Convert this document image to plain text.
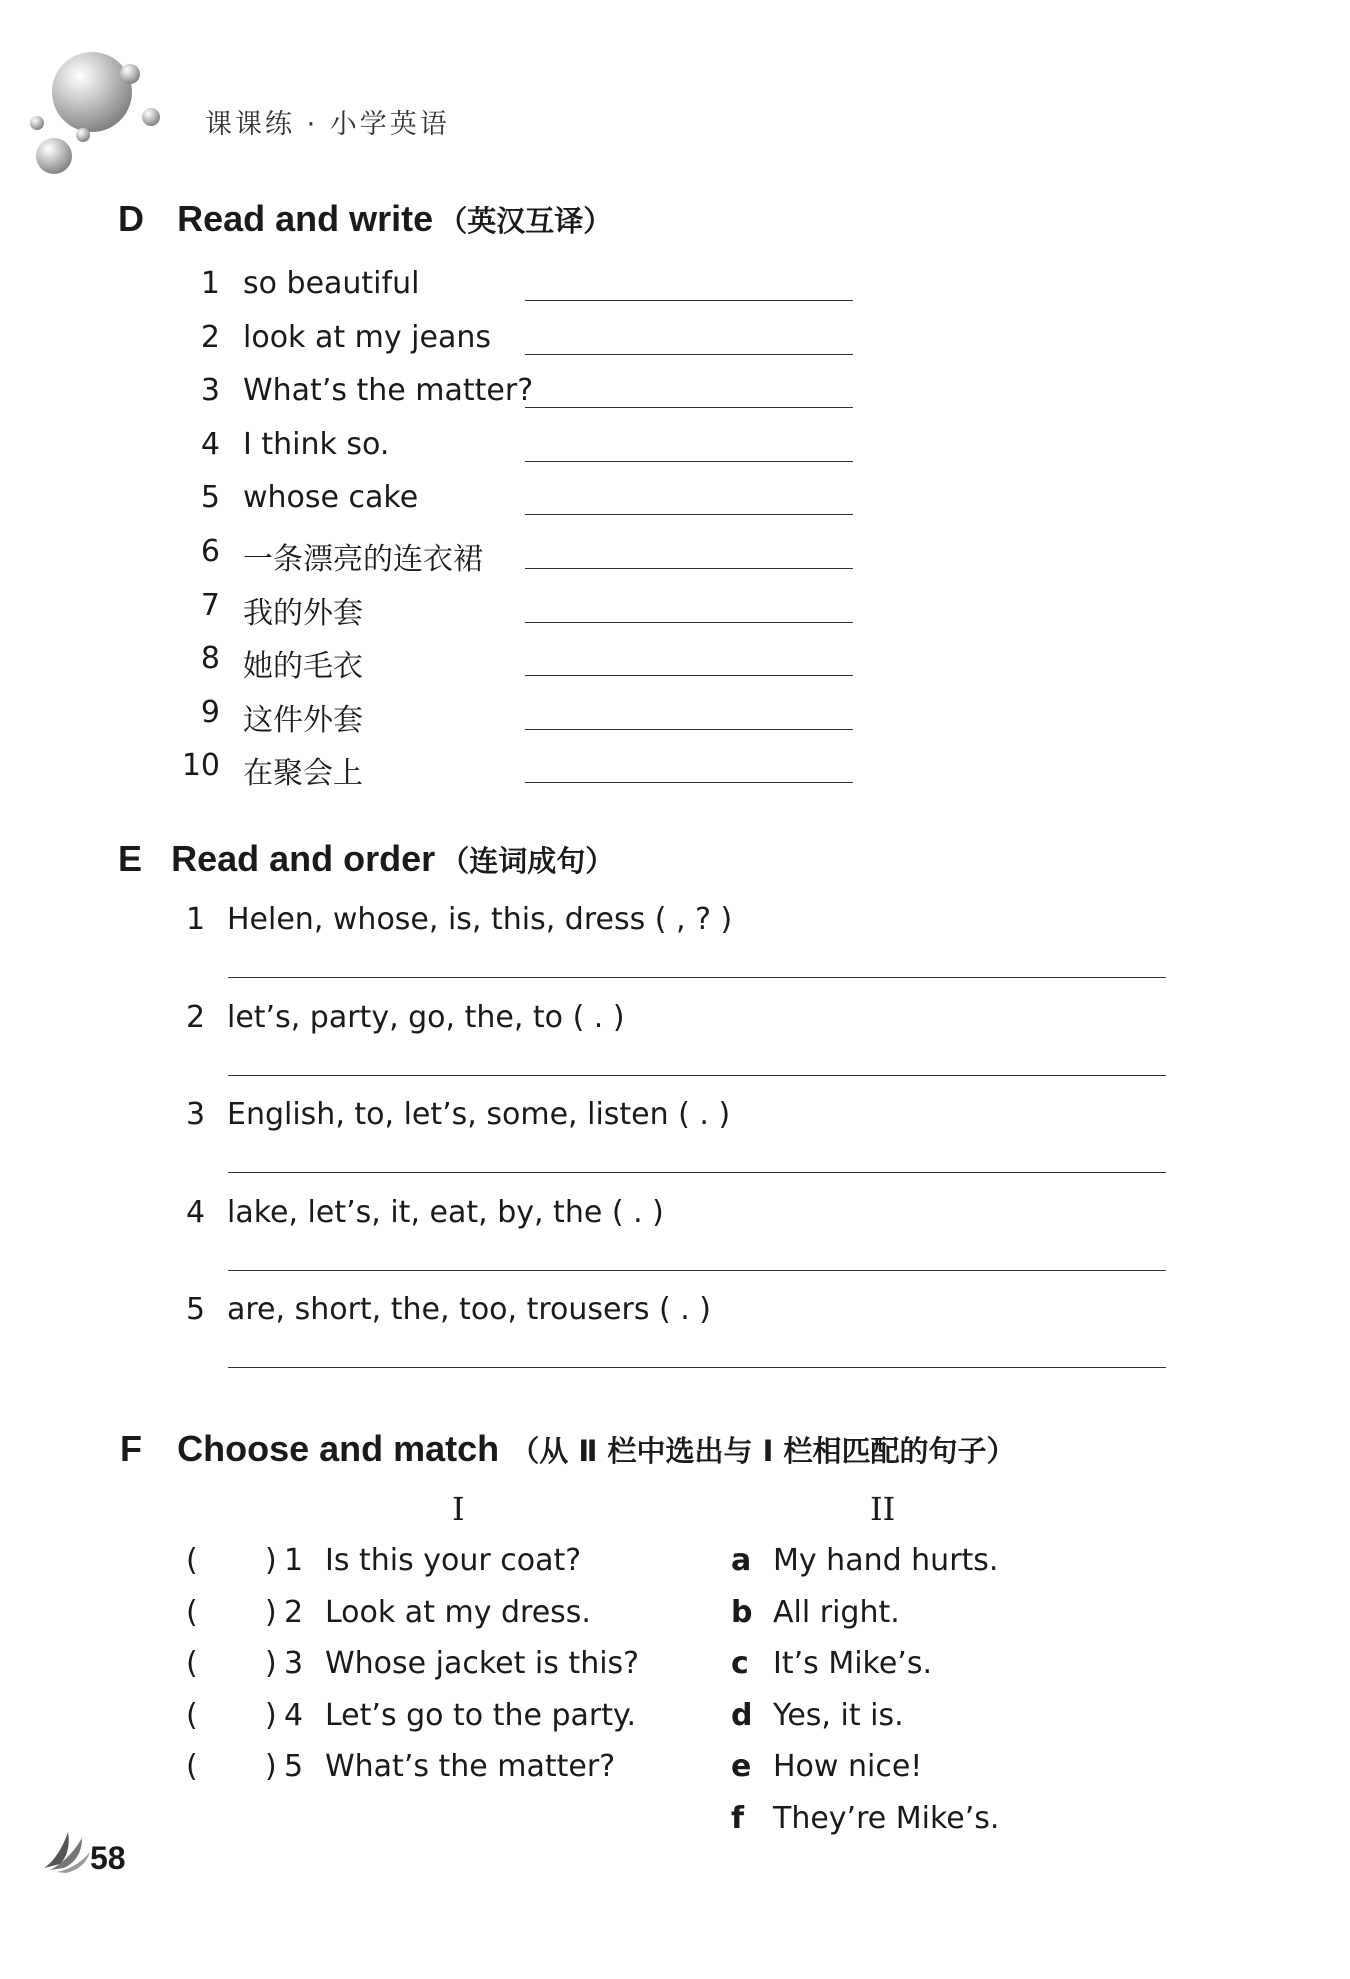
课课练 · 小学英语
D Read and write （英汉互译）
1 so beautiful
2 look at my jeans
3 What’s the matter?
4 I think so.
5 whose cake
6 一条漂亮的连衣裙
7 我的外套
8 她的毛衣
9 这件外套
10 在聚会上
E Read and order （连词成句）
1 Helen, whose, is, this, dress ( , ? )
2 let’s, party, go, the, to ( . )
3 English, to, let’s, some, listen ( . )
4 lake, let’s, it, eat, by, the ( . )
5 are, short, the, too, trousers ( . )
F Choose and match （从 Ⅱ 栏中选出与 Ⅰ 栏相匹配的句子）
I	II
( ) 1 Is this your coat?
( ) 2 Look at my dress.
( ) 3 Whose jacket is this?
( ) 4 Let’s go to the party.
( ) 5 What’s the matter?
a My hand hurts.
b All right.
c It’s Mike’s.
d Yes, it is.
e How nice!
f They’re Mike’s.
58
